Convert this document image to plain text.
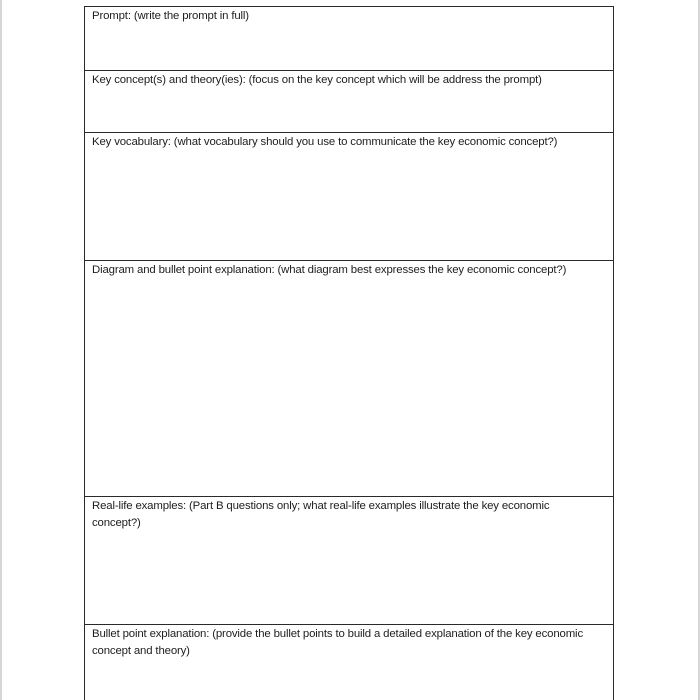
Prompt: (write the prompt in full)
Key concept(s) and theory(ies): (focus on the key concept which will be address the prompt)
Key vocabulary: (what vocabulary should you use to communicate the key economic concept?)
Diagram and bullet point explanation: (what diagram best expresses the key economic concept?)
Real-life examples: (Part B questions only; what real-life examples illustrate the key economic concept?)
Bullet point explanation: (provide the bullet points to build a detailed explanation of the key economic concept and theory)
